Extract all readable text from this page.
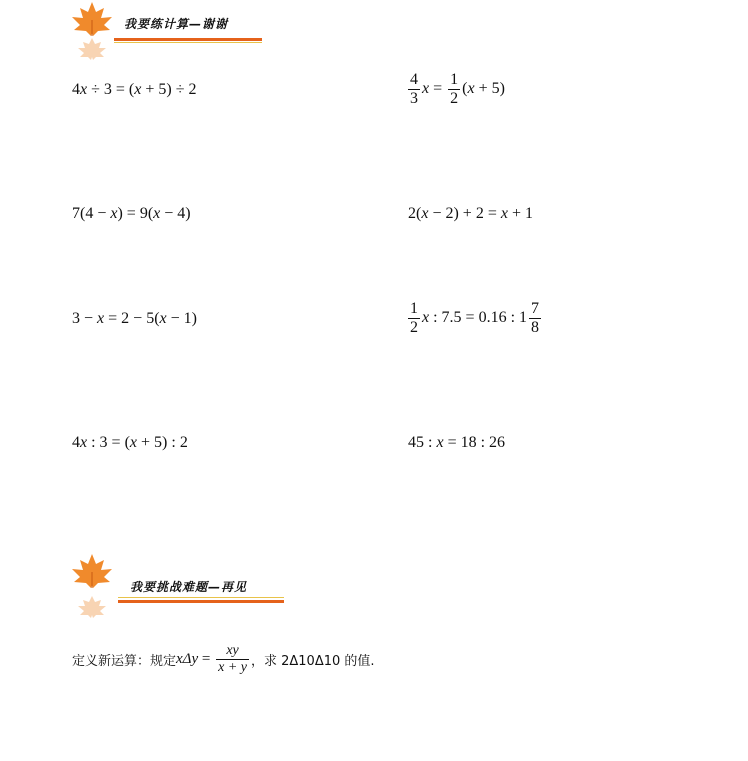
我要练计算—谢谢
4x ÷ 3 = (x + 5) ÷ 2	$\frac{4}{3}$ $x = \frac{1}{2} (x + 5)$
7(4 − x) = 9(x − 4)	2(x − 2) + 2 = x + 1
3 − x = 2 − 5(x − 1)	$\frac{1}{2}$ x : 7.5 = 0.16 : $1 \frac{7}{8}$
4x : 3 = (x + 5) : 2	45 : x = 18 : 26
我要挑战难题—再见
定义新运算：规定 $x\Delta y = \frac{xy}{x + y}$ ，求 2Δ10Δ10 的值.
